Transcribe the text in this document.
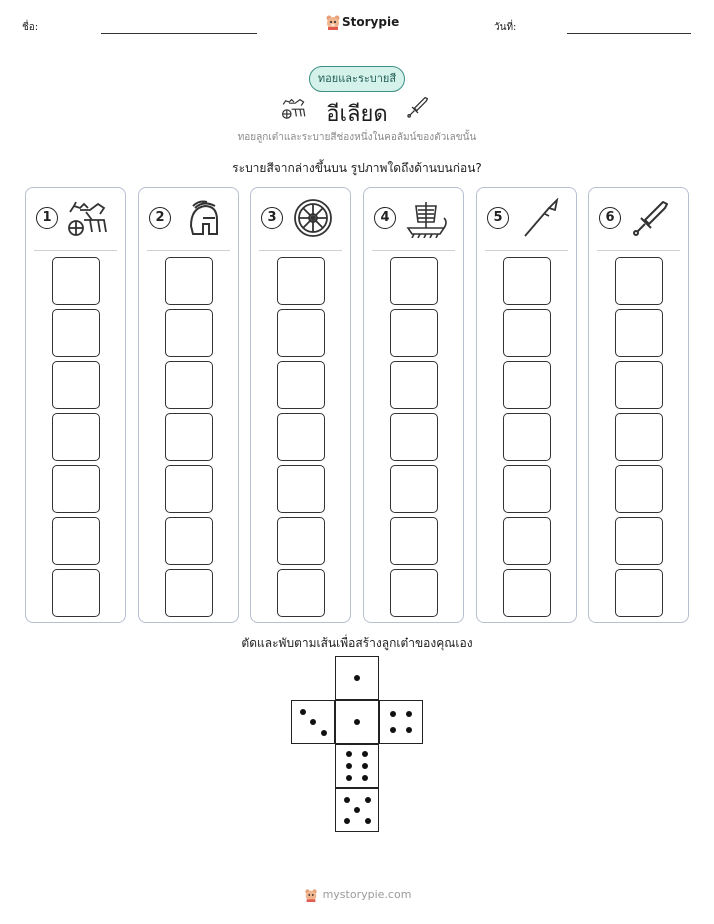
ชื่อ:	Storypie	วันที่:
ทอยและระบายสี
อีเลียด
ทอยลูกเต๋าและระบายสีช่องหนึ่งในคอลัมน์ของตัวเลขนั้น
ระบายสีจากล่างขึ้นบน รูปภาพใดถึงด้านบนก่อน?
1	2	3	4	5	6
ตัดและพับตามเส้นเพื่อสร้างลูกเต๋าของคุณเอง
mystorypie.com
